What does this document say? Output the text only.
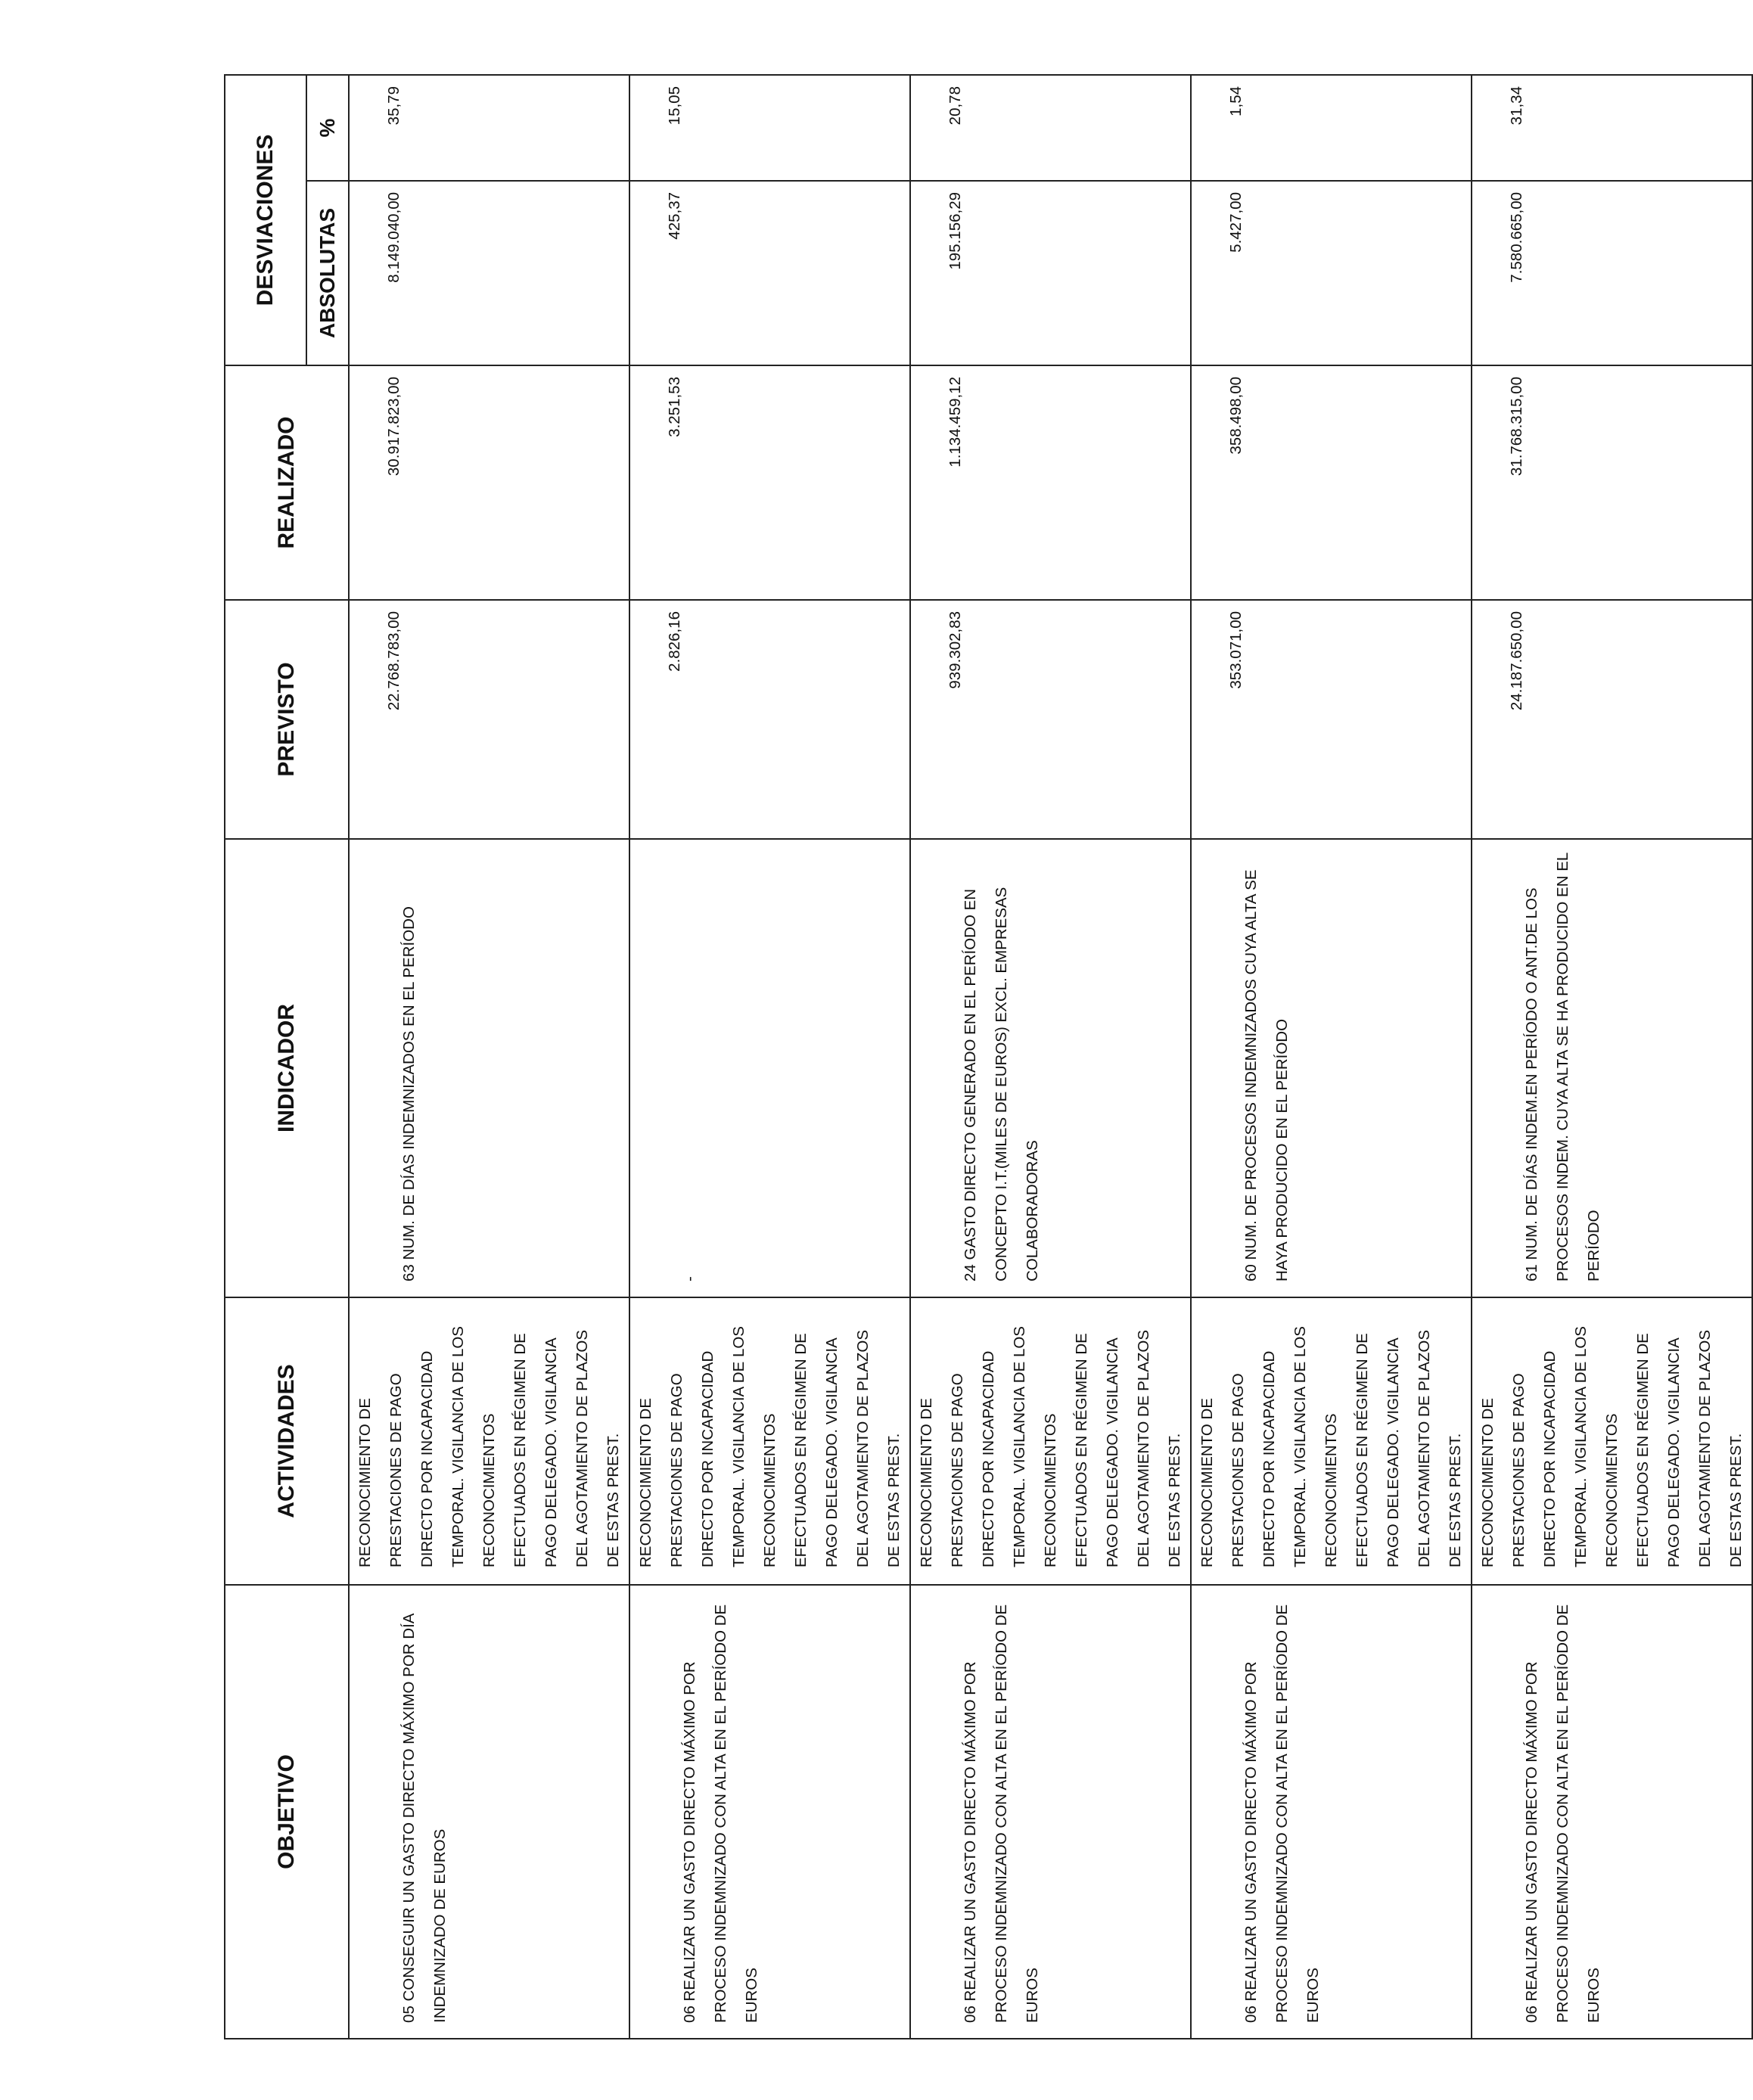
OBJETIVO	ACTIVIDADES	INDICADOR	PREVISTO	REALIZADO	DESVIACIONES	
					ABSOLUTAS	%
05 CONSEGUIR UN GASTO DIRECTO MÁXIMO POR DÍA INDEMNIZADO DE EUROS	RECONOCIMIENTO DE PRESTACIONES DE PAGO DIRECTO POR INCAPACIDAD TEMPORAL. VIGILANCIA DE LOS RECONOCIMIENTOS EFECTUADOS EN RÉGIMEN DE PAGO DELEGADO. VIGILANCIA DEL AGOTAMIENTO DE PLAZOS DE ESTAS PREST.	63 NUM. DE DÍAS INDEMNIZADOS EN EL PERÍODO	22.768.783,00	30.917.823,00	8.149.040,00	35,79
06 REALIZAR UN GASTO DIRECTO MÁXIMO POR PROCESO INDEMNIZADO CON ALTA EN EL PERÍODO DE EUROS	RECONOCIMIENTO DE PRESTACIONES DE PAGO DIRECTO POR INCAPACIDAD TEMPORAL. VIGILANCIA DE LOS RECONOCIMIENTOS EFECTUADOS EN RÉGIMEN DE PAGO DELEGADO. VIGILANCIA DEL AGOTAMIENTO DE PLAZOS DE ESTAS PREST.	-	2.826,16	3.251,53	425,37	15,05
06 REALIZAR UN GASTO DIRECTO MÁXIMO POR PROCESO INDEMNIZADO CON ALTA EN EL PERÍODO DE EUROS	RECONOCIMIENTO DE PRESTACIONES DE PAGO DIRECTO POR INCAPACIDAD TEMPORAL. VIGILANCIA DE LOS RECONOCIMIENTOS EFECTUADOS EN RÉGIMEN DE PAGO DELEGADO. VIGILANCIA DEL AGOTAMIENTO DE PLAZOS DE ESTAS PREST.	24 GASTO DIRECTO GENERADO EN EL PERÍODO EN CONCEPTO I.T.(MILES DE EUROS) EXCL. EMPRESAS COLABORADORAS	939.302,83	1.134.459,12	195.156,29	20,78
06 REALIZAR UN GASTO DIRECTO MÁXIMO POR PROCESO INDEMNIZADO CON ALTA EN EL PERÍODO DE EUROS	RECONOCIMIENTO DE PRESTACIONES DE PAGO DIRECTO POR INCAPACIDAD TEMPORAL. VIGILANCIA DE LOS RECONOCIMIENTOS EFECTUADOS EN RÉGIMEN DE PAGO DELEGADO. VIGILANCIA DEL AGOTAMIENTO DE PLAZOS DE ESTAS PREST.	60 NUM. DE PROCESOS INDEMNIZADOS CUYA ALTA SE HAYA PRODUCIDO EN EL PERÍODO	353.071,00	358.498,00	5.427,00	1,54
06 REALIZAR UN GASTO DIRECTO MÁXIMO POR PROCESO INDEMNIZADO CON ALTA EN EL PERÍODO DE EUROS	RECONOCIMIENTO DE PRESTACIONES DE PAGO DIRECTO POR INCAPACIDAD TEMPORAL. VIGILANCIA DE LOS RECONOCIMIENTOS EFECTUADOS EN RÉGIMEN DE PAGO DELEGADO. VIGILANCIA DEL AGOTAMIENTO DE PLAZOS DE ESTAS PREST.	61 NUM. DE DÍAS INDEM.EN PERÍODO O ANT.DE LOS PROCESOS INDEM. CUYA ALTA SE HA PRODUCIDO EN EL PERÍODO	24.187.650,00	31.768.315,00	7.580.665,00	31,34
